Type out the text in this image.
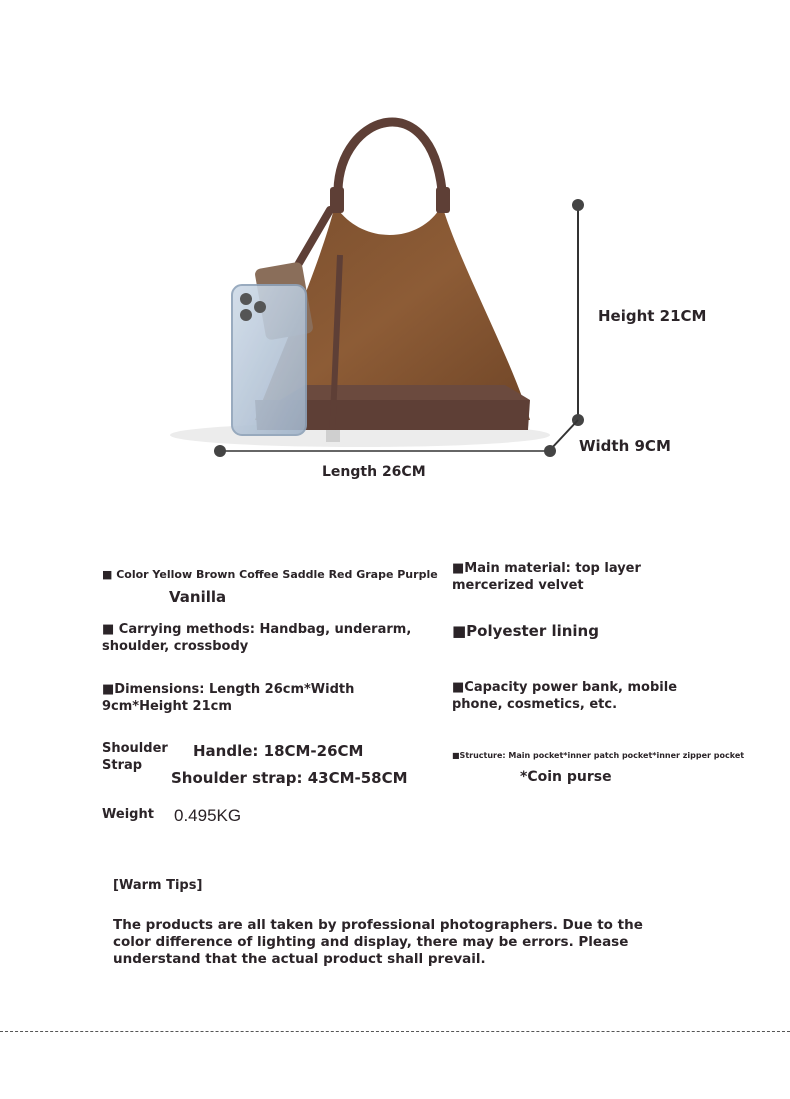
Height 21CM
Width 9CM
Length 26CM
■ Color Yellow Brown Coffee Saddle Red Grape Purple
Vanilla
■ Carrying methods: Handbag, underarm, shoulder, crossbody
■Dimensions: Length 26cm*Width 9cm*Height 21cm
Shoulder Strap
Handle: 18CM-26CM
Shoulder strap: 43CM-58CM
Weight 0.495KG
■Main material: top layer mercerized velvet
■Polyester lining
■Capacity power bank, mobile phone, cosmetics, etc.
■Structure: Main pocket*inner patch pocket*inner zipper pocket
*Coin purse
[Warm Tips]
The products are all taken by professional photographers. Due to the color difference of lighting and display, there may be errors. Please understand that the actual product shall prevail.
